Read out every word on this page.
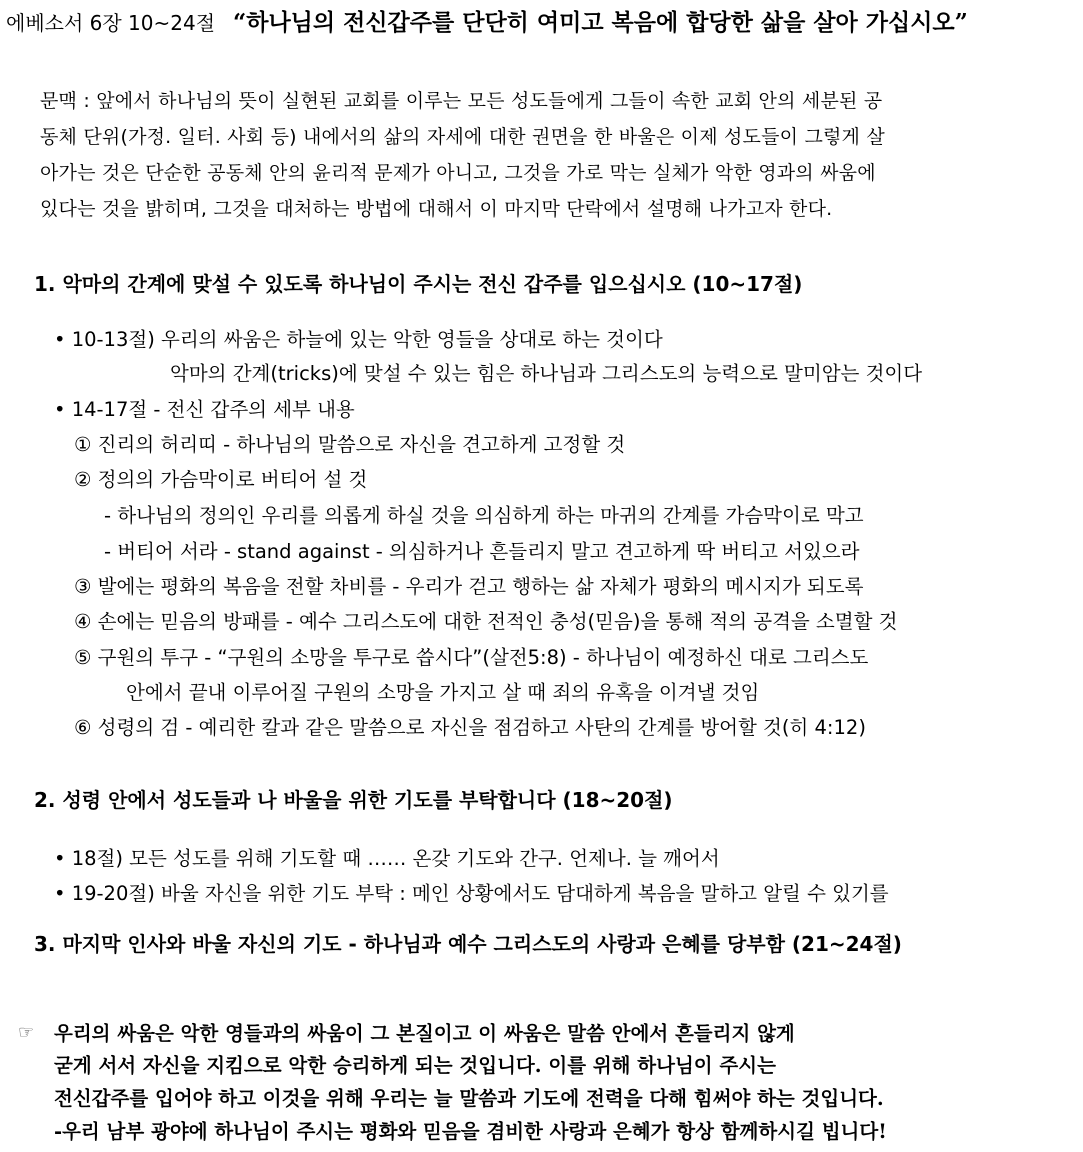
에베소서 6장 10~24절 “하나님의 전신갑주를 단단히 여미고 복음에 합당한 삶을 살아 가십시오”
문맥 : 앞에서 하나님의 뜻이 실현된 교회를 이루는 모든 성도들에게 그들이 속한 교회 안의 세분된 공
동체 단위(가정. 일터. 사회 등) 내에서의 삶의 자세에 대한 권면을 한 바울은 이제 성도들이 그렇게 살
아가는 것은 단순한 공동체 안의 윤리적 문제가 아니고, 그것을 가로 막는 실체가 악한 영과의 싸움에
있다는 것을 밝히며, 그것을 대처하는 방법에 대해서 이 마지막 단락에서 설명해 나가고자 한다.
1. 악마의 간계에 맞설 수 있도록 하나님이 주시는 전신 갑주를 입으십시오 (10~17절)
• 10-13절) 우리의 싸움은 하늘에 있는 악한 영들을 상대로 하는 것이다
악마의 간계(tricks)에 맞설 수 있는 힘은 하나님과 그리스도의 능력으로 말미암는 것이다
• 14-17절 - 전신 갑주의 세부 내용
① 진리의 허리띠 - 하나님의 말씀으로 자신을 견고하게 고정할 것
② 정의의 가슴막이로 버티어 설 것
- 하나님의 정의인 우리를 의롭게 하실 것을 의심하게 하는 마귀의 간계를 가슴막이로 막고
- 버티어 서라 - stand against - 의심하거나 흔들리지 말고 견고하게 딱 버티고 서있으라
③ 발에는 평화의 복음을 전할 차비를 - 우리가 걷고 행하는 삶 자체가 평화의 메시지가 되도록
④ 손에는 믿음의 방패를 - 예수 그리스도에 대한 전적인 충성(믿음)을 통해 적의 공격을 소멸할 것
⑤ 구원의 투구 - “구원의 소망을 투구로 씁시다”(살전5:8) - 하나님이 예정하신 대로 그리스도
안에서 끝내 이루어질 구원의 소망을 가지고 살 때 죄의 유혹을 이겨낼 것임
⑥ 성령의 검 - 예리한 칼과 같은 말씀으로 자신을 점검하고 사탄의 간계를 방어할 것(히 4:12)
2. 성령 안에서 성도들과 나 바울을 위한 기도를 부탁합니다 (18~20절)
• 18절) 모든 성도를 위해 기도할 때 …… 온갖 기도와 간구. 언제나. 늘 깨어서
• 19-20절) 바울 자신을 위한 기도 부탁 : 메인 상황에서도 담대하게 복음을 말하고 알릴 수 있기를
3. 마지막 인사와 바울 자신의 기도 - 하나님과 예수 그리스도의 사랑과 은혜를 당부함 (21~24절)
☞ 우리의 싸움은 악한 영들과의 싸움이 그 본질이고 이 싸움은 말씀 안에서 흔들리지 않게
굳게 서서 자신을 지킴으로 악한 승리하게 되는 것입니다. 이를 위해 하나님이 주시는
전신갑주를 입어야 하고 이것을 위해 우리는 늘 말씀과 기도에 전력을 다해 힘써야 하는 것입니다.
-우리 남부 광야에 하나님이 주시는 평화와 믿음을 겸비한 사랑과 은혜가 항상 함께하시길 빕니다!
